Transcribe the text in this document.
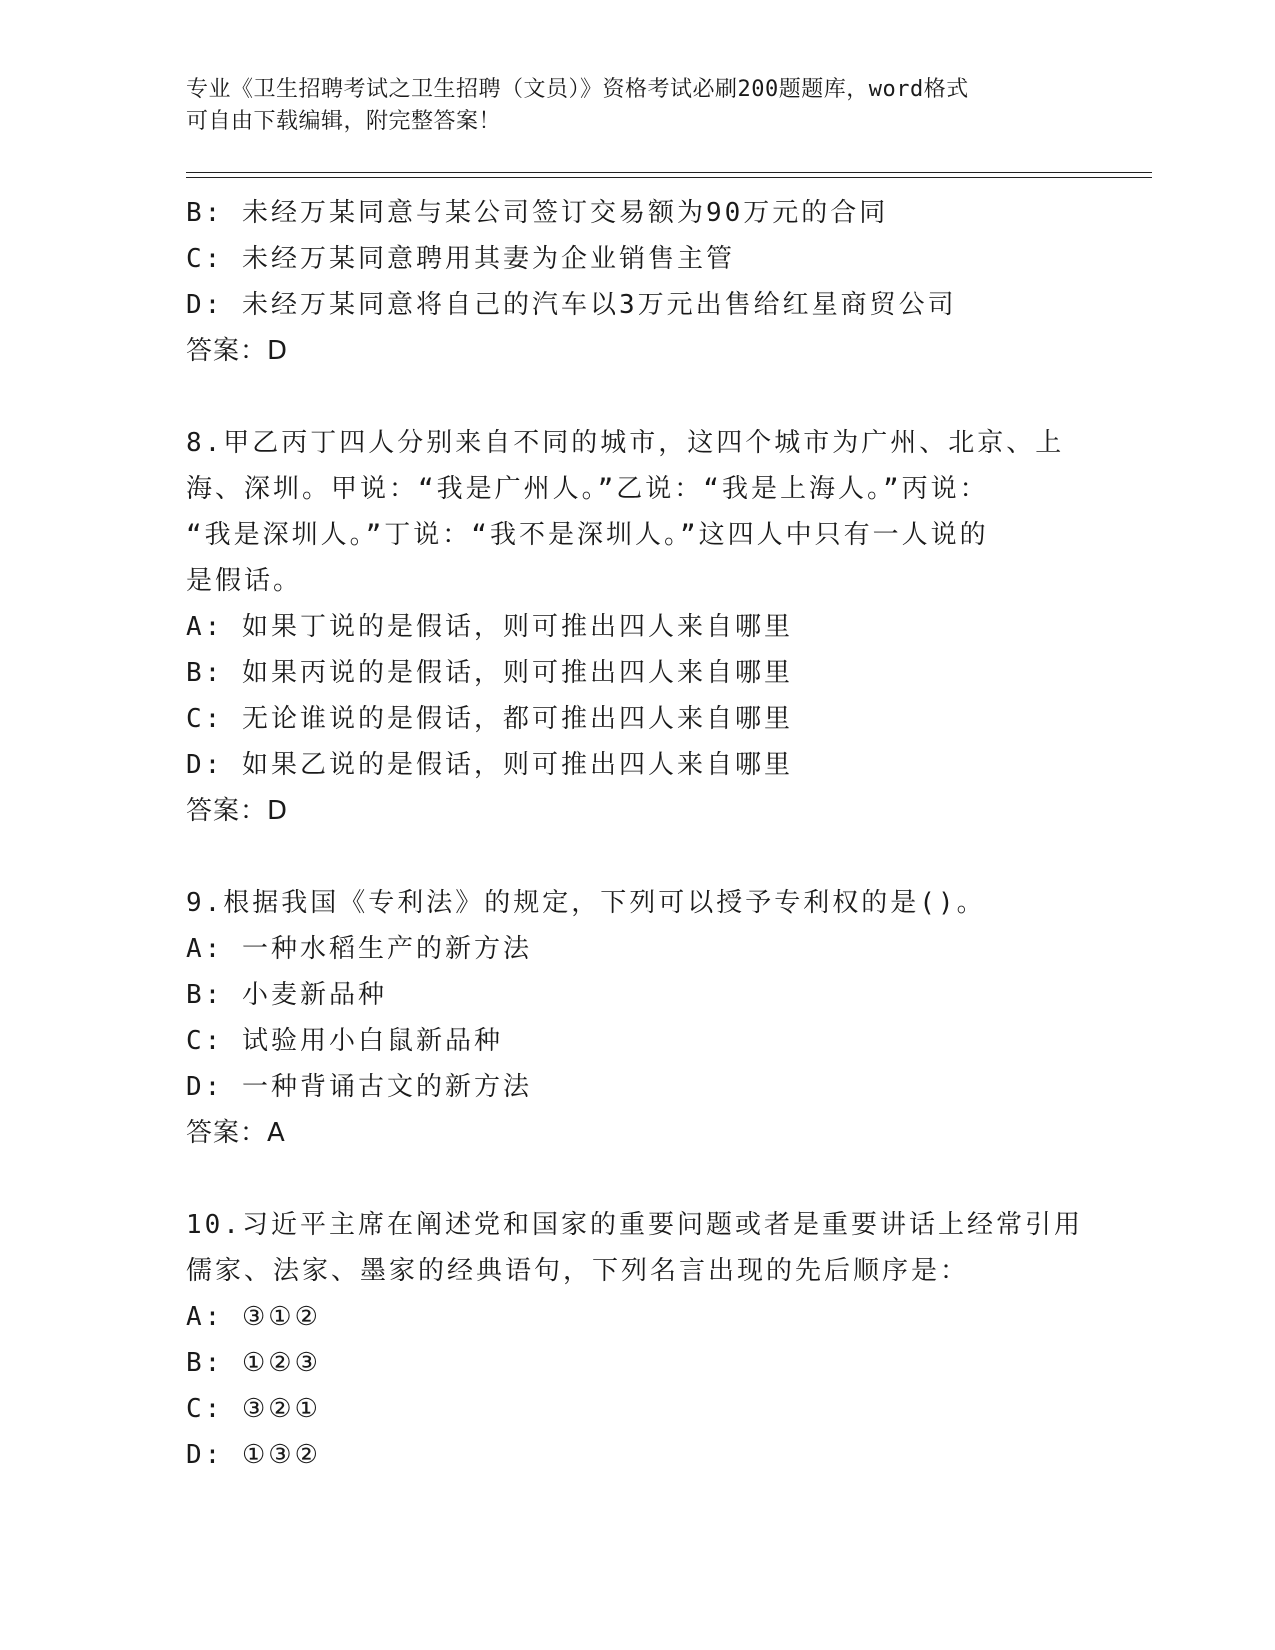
专业《卫生招聘考试之卫生招聘（文员）》资格考试必刷200题题库，word格式
可自由下载编辑，附完整答案！
B: 未经万某同意与某公司签订交易额为90万元的合同
C: 未经万某同意聘用其妻为企业销售主管
D: 未经万某同意将自己的汽车以3万元出售给红星商贸公司
答案：D
8.甲乙丙丁四人分别来自不同的城市，这四个城市为广州、北京、上
海、深圳。甲说：“我是广州人。”乙说：“我是上海人。”丙说：
“我是深圳人。”丁说：“我不是深圳人。”这四人中只有一人说的
是假话。
A: 如果丁说的是假话，则可推出四人来自哪里
B: 如果丙说的是假话，则可推出四人来自哪里
C: 无论谁说的是假话，都可推出四人来自哪里
D: 如果乙说的是假话，则可推出四人来自哪里
答案：D
9.根据我国《专利法》的规定，下列可以授予专利权的是()。
A: 一种水稻生产的新方法
B: 小麦新品种
C: 试验用小白鼠新品种
D: 一种背诵古文的新方法
答案：A
10.习近平主席在阐述党和国家的重要问题或者是重要讲话上经常引用
儒家、法家、墨家的经典语句，下列名言出现的先后顺序是：
A: ③①②
B: ①②③
C: ③②①
D: ①③②
